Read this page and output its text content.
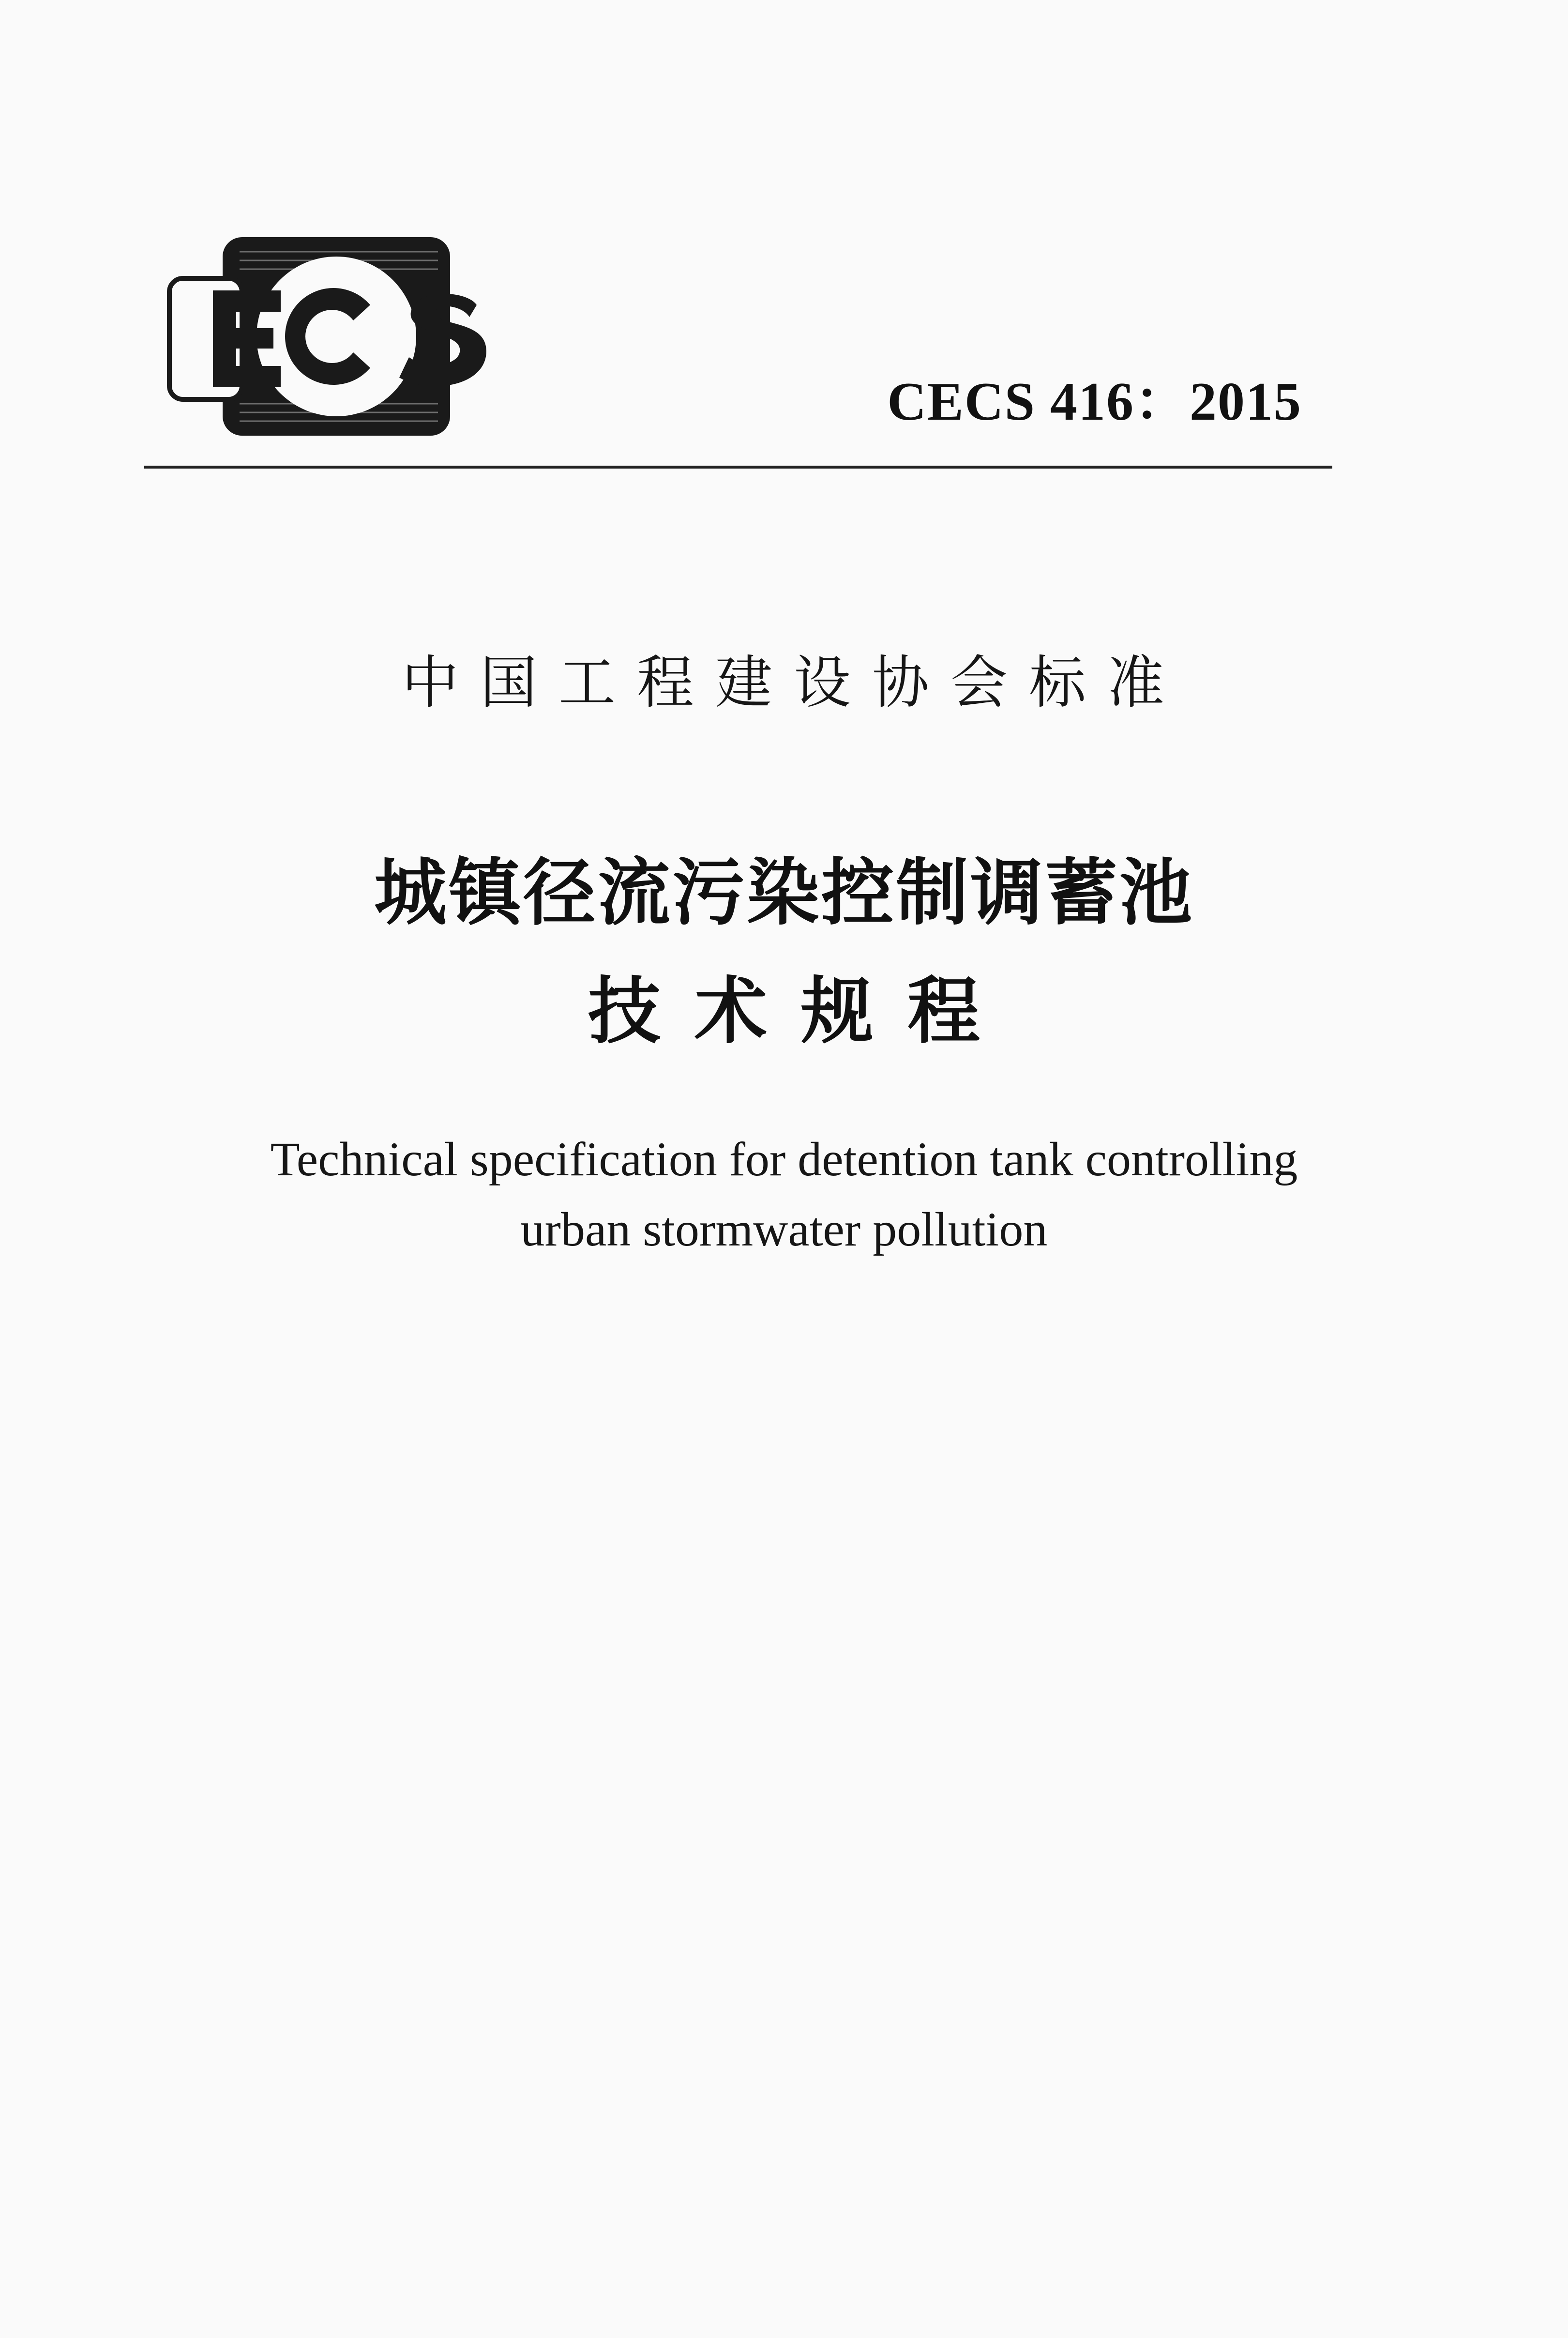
CECS 416：2015
中国工程建设协会标准
城镇径流污染控制调蓄池
技术规程
Technical specification for detention tank controlling
urban stormwater pollution
